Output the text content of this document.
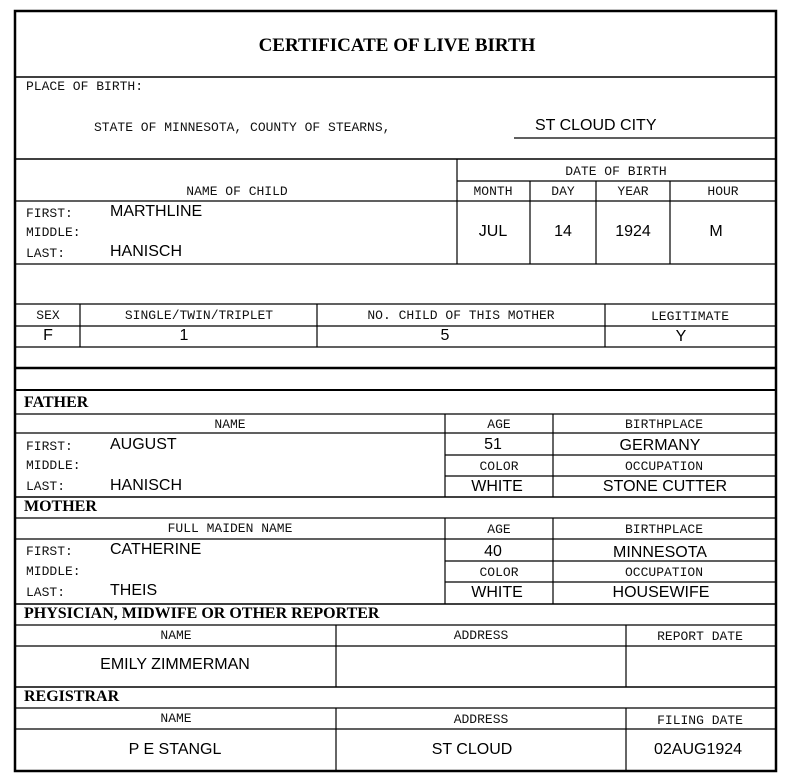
CERTIFICATE OF LIVE BIRTH
PLACE OF BIRTH:
STATE OF MINNESOTA, COUNTY OF STEARNS,	ST CLOUD CITY
DATE OF BIRTH
NAME OF CHILD	MONTH	DAY	YEAR	HOUR
FIRST: MARTHLINE
MIDDLE:
LAST:	HANISCH
JUL	14	1924	M
SEX	SINGLE/TWIN/TRIPLET	NO. CHILD OF THIS MOTHER	LEGITIMATE
F	1	5	Y
FATHER
NAME	AGE	BIRTHPLACE
FIRST: AUGUST	51	GERMANY
MIDDLE:	COLOR	OCCUPATION
LAST:	HANISCH	WHITE	STONE CUTTER
MOTHER
FULL MAIDEN NAME	AGE	BIRTHPLACE
FIRST: CATHERINE	40	MINNESOTA
MIDDLE:	COLOR	OCCUPATION
LAST:	THEIS	WHITE	HOUSEWIFE
PHYSICIAN, MIDWIFE OR OTHER REPORTER
NAME	ADDRESS	REPORT DATE
EMILY ZIMMERMAN
REGISTRAR
NAME	ADDRESS	FILING DATE
P E STANGL	ST CLOUD	02AUG1924
